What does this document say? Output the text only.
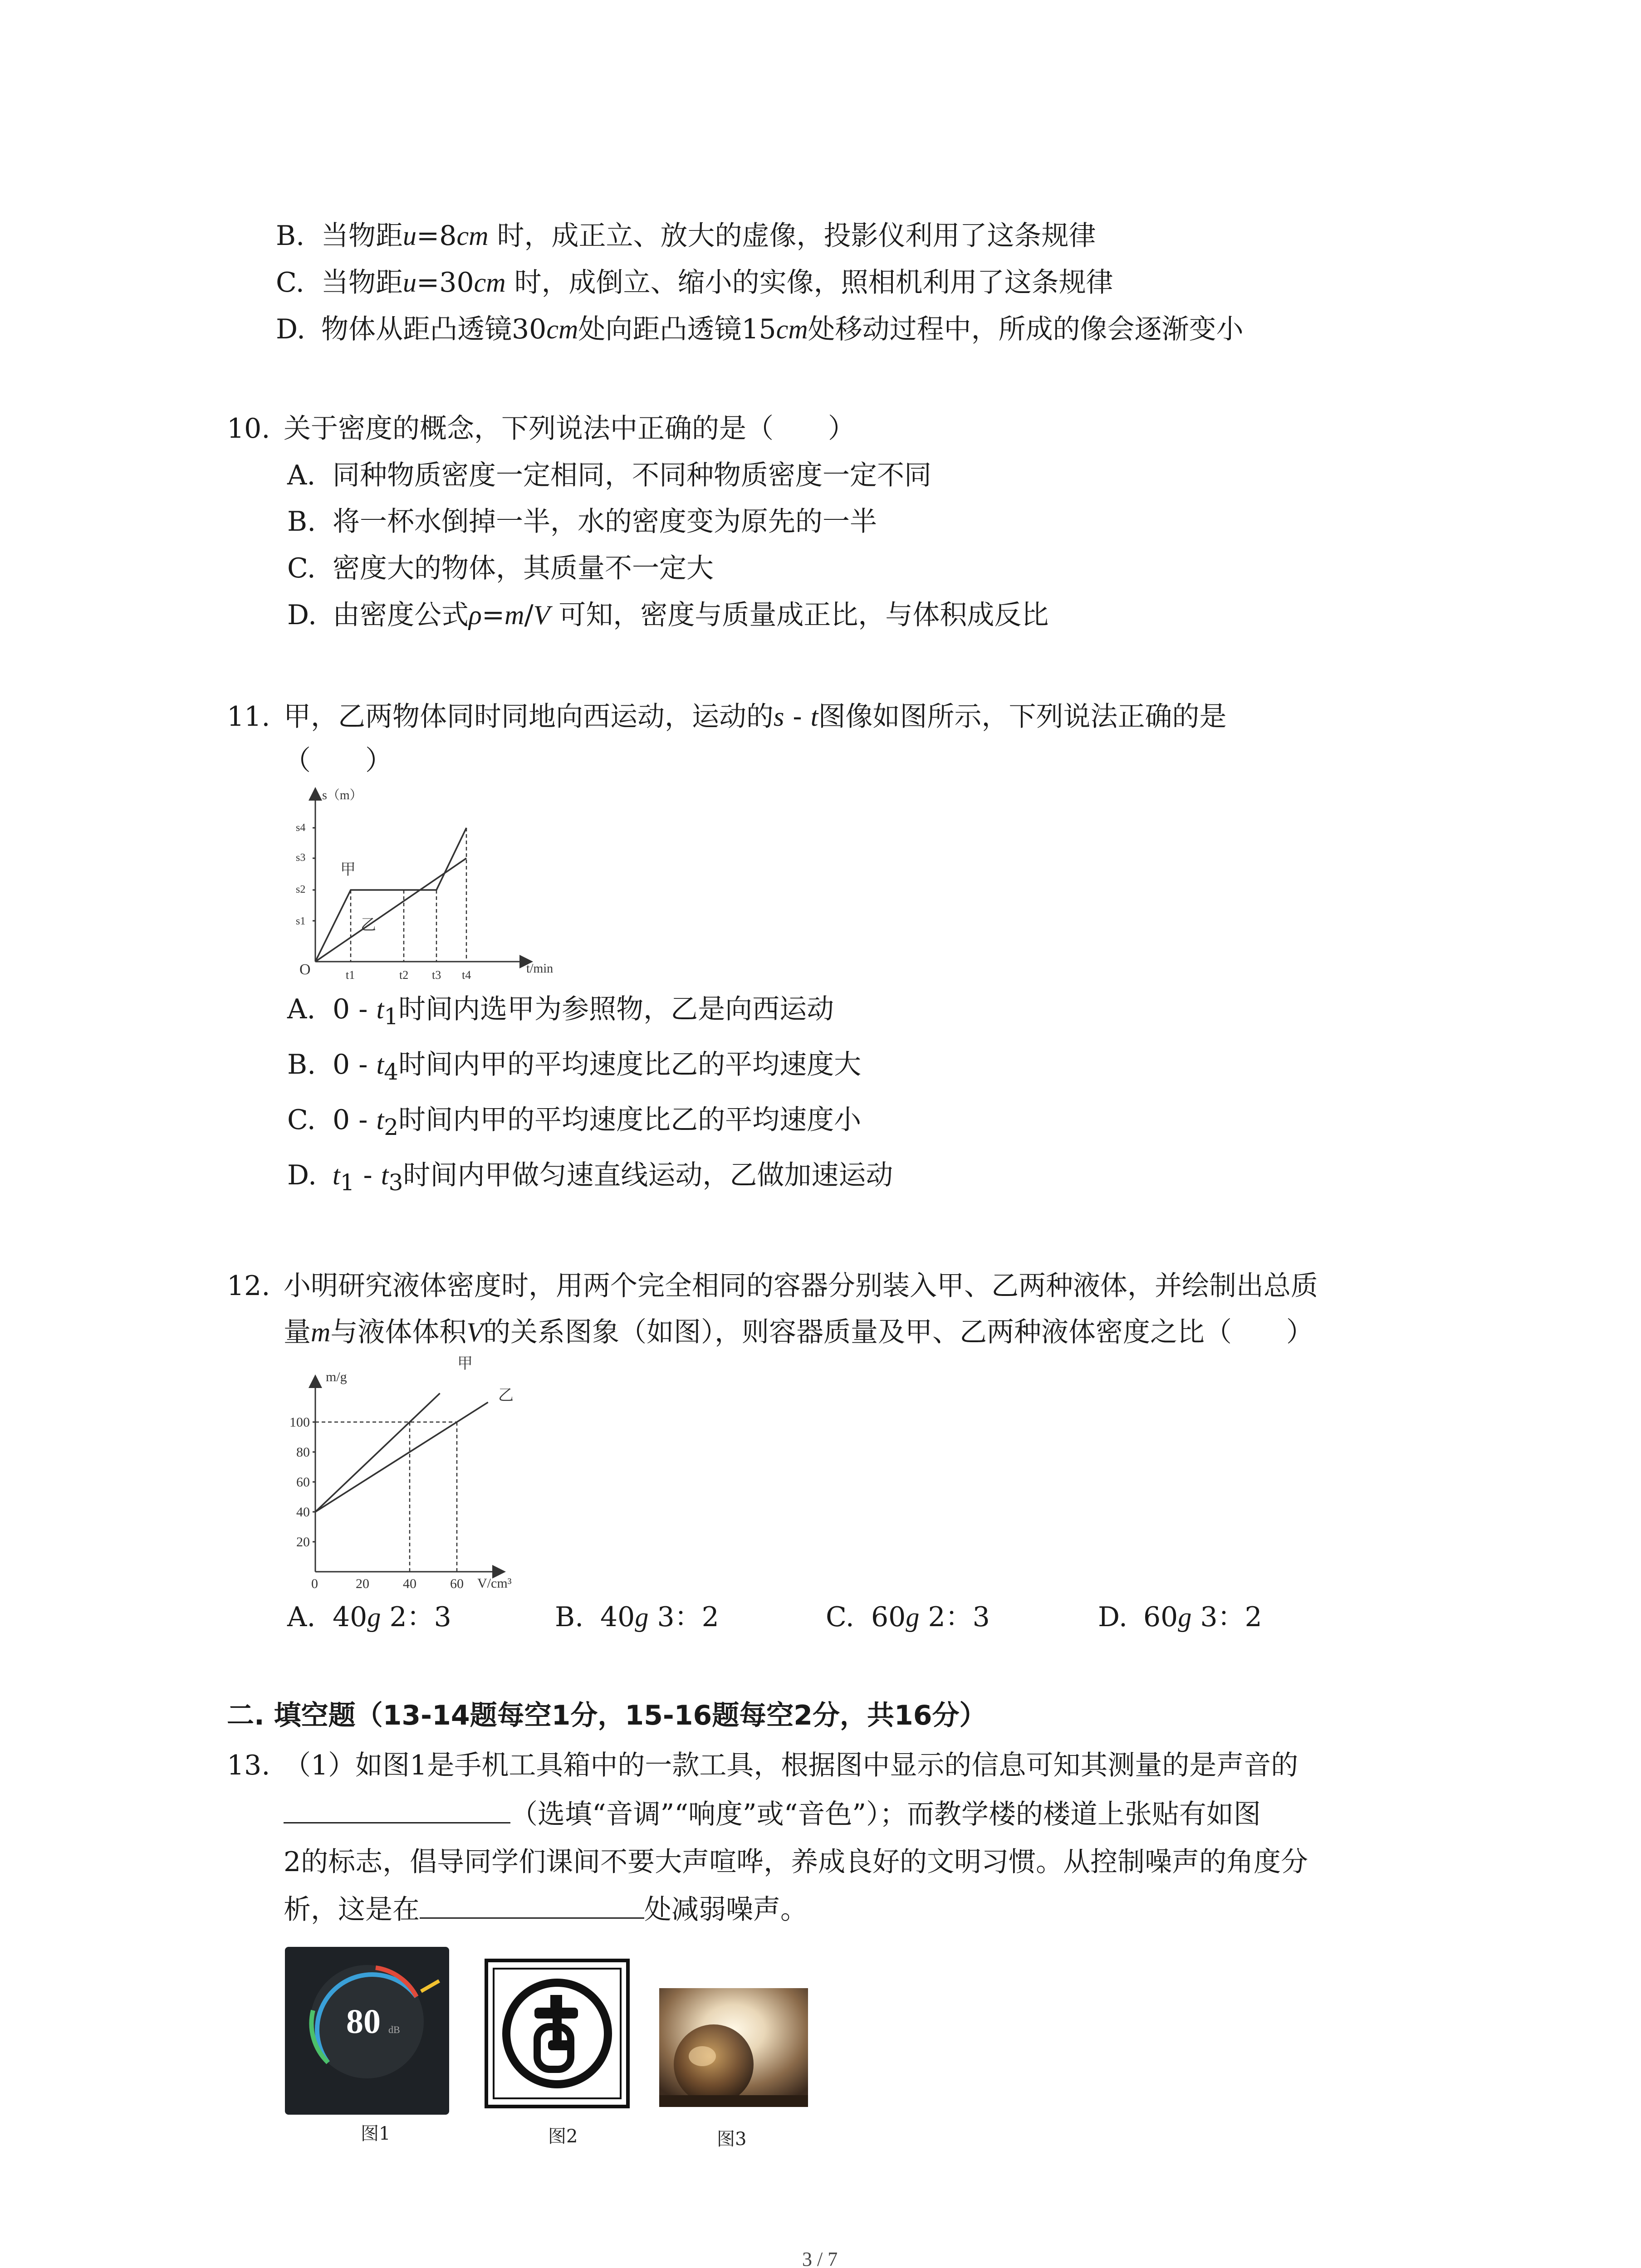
B. 当物距u=8cm 时，成正立、放大的虚像，投影仪利用了这条规律
C. 当物距u=30cm 时，成倒立、缩小的实像，照相机利用了这条规律
D. 物体从距凸透镜30cm处向距凸透镜15cm处移动过程中，所成的像会逐渐变小
10. 关于密度的概念，下列说法中正确的是（　　）
A. 同种物质密度一定相同，不同种物质密度一定不同
B. 将一杯水倒掉一半，水的密度变为原先的一半
C. 密度大的物体，其质量不一定大
D. 由密度公式ρ=m/V 可知，密度与质量成正比，与体积成反比
11. 甲，乙两物体同时同地向西运动，运动的s - t图像如图所示，下列说法正确的是
（　　）
s（m）
t/min
O
s4
s3
s2
s1
t1	t2 t3 t4
甲
乙
A. $0 - t_1$时间内选甲为参照物，乙是向西运动
B. $0 - t_4$时间内甲的平均速度比乙的平均速度大
C. $0 - t_2$时间内甲的平均速度比乙的平均速度小
D. $t_1 - t_3$时间内甲做匀速直线运动，乙做加速运动
12. 小明研究液体密度时，用两个完全相同的容器分别装入甲、乙两种液体，并绘制出总质
量m与液体体积V的关系图象（如图），则容器质量及甲、乙两种液体密度之比（　　）
m/g
V/cm³
0
100
80
60
40
20
20 40 60
甲
乙
A. 40g 2：3	B. 40g 3：2	C. 60g 2：3	D. 60g 3：2
二. 填空题（13-14题每空1分，15-16题每空2分，共16分）
13. （1）如图1是手机工具箱中的一款工具，根据图中显示的信息可知其测量的是声音的
（选填“音调”“响度”或“音色”）；而教学楼的楼道上张贴有如图
2的标志，倡导同学们课间不要大声喧哗，养成良好的文明习惯。从控制噪声的角度分
析，这是在	处减弱噪声。
80 dB
图1	图2	图3
3 / 7
